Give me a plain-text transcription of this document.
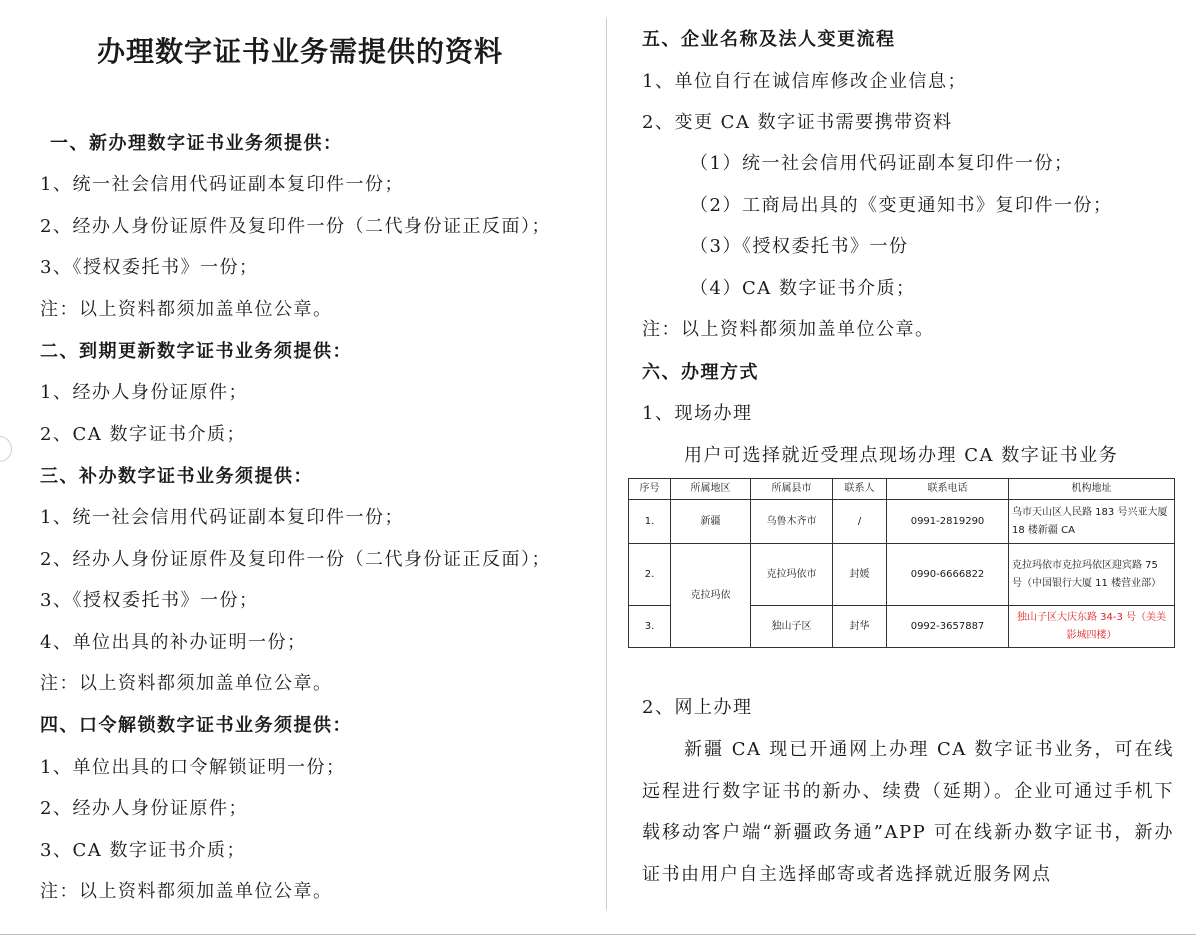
办理数字证书业务需提供的资料
一、新办理数字证书业务须提供：
1、统一社会信用代码证副本复印件一份；
2、经办人身份证原件及复印件一份（二代身份证正反面）；
3、《授权委托书》一份；
注：以上资料都须加盖单位公章。
二、到期更新数字证书业务须提供：
1、经办人身份证原件；
2、CA 数字证书介质；
三、补办数字证书业务须提供：
1、统一社会信用代码证副本复印件一份；
2、经办人身份证原件及复印件一份（二代身份证正反面）；
3、《授权委托书》一份；
4、单位出具的补办证明一份；
注：以上资料都须加盖单位公章。
四、口令解锁数字证书业务须提供：
1、单位出具的口令解锁证明一份；
2、经办人身份证原件；
3、CA 数字证书介质；
注：以上资料都须加盖单位公章。
五、企业名称及法人变更流程
1、单位自行在诚信库修改企业信息；
2、变更 CA 数字证书需要携带资料
（1）统一社会信用代码证副本复印件一份；
（2）工商局出具的《变更通知书》复印件一份；
（3）《授权委托书》一份
（4）CA 数字证书介质；
注：以上资料都须加盖单位公章。
六、办理方式
1、现场办理
用户可选择就近受理点现场办理 CA 数字证书业务
序号	所属地区	所属县市	联系人	联系电话	机构地址
1.	新疆	乌鲁木齐市	/	0991-2819290	乌市天山区人民路 183 号兴亚大厦 18 楼新疆 CA
2.	克拉玛依	克拉玛依市	封媛	0990-6666822	克拉玛依市克拉玛依区迎宾路 75 号（中国银行大厦 11 楼营业部）
3.		独山子区	封华	0992-3657887	独山子区大庆东路 34-3 号（美美影城四楼）
2、网上办理
新疆 CA 现已开通网上办理 CA 数字证书业务，可在线远程进行数字证书的新办、续费（延期）。企业可通过手机下载移动客户端“新疆政务通”APP 可在线新办数字证书，新办证书由用户自主选择邮寄或者选择就近服务网点
